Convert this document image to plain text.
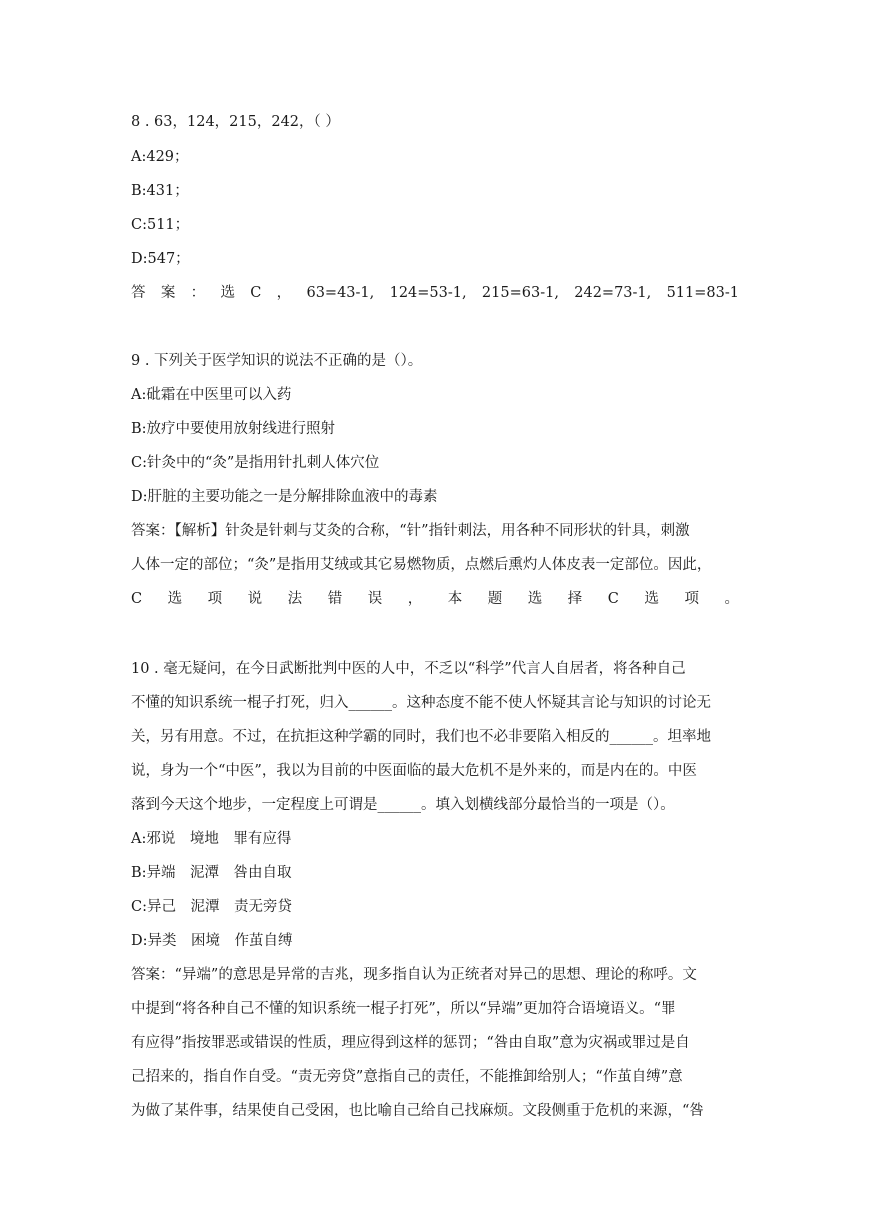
8 . 63，124，215，242，（ ）
A:429；
B:431；
C:511；
D:547；
答 案 ： 选 C ， 63=43-1, 124=53-1, 215=63-1, 242=73-1, 511=83-1
9 . 下列关于医学知识的说法不正确的是（）。
A:砒霜在中医里可以入药
B:放疗中要使用放射线进行照射
C:针灸中的“灸”是指用针扎刺人体穴位
D:肝脏的主要功能之一是分解排除血液中的毒素
答案：【解析】针灸是针刺与艾灸的合称，“针”指针刺法，用各种不同形状的针具，刺激
人体一定的部位；“灸”是指用艾绒或其它易燃物质，点燃后熏灼人体皮表一定部位。因此，
C 选 项 说 法 错 误 ， 本 题 选 择 C 选 项 。
10 . 毫无疑问，在今日武断批判中医的人中，不乏以“科学”代言人自居者，将各种自己
不懂的知识系统一棍子打死，归入______。这种态度不能不使人怀疑其言论与知识的讨论无
关，另有用意。不过，在抗拒这种学霸的同时，我们也不必非要陷入相反的______。坦率地
说，身为一个“中医”，我以为目前的中医面临的最大危机不是外来的，而是内在的。中医
落到今天这个地步，一定程度上可谓是______。填入划横线部分最恰当的一项是（）。
A:邪说　境地　罪有应得
B:异端　泥潭　咎由自取
C:异己　泥潭　责无旁贷
D:异类　困境　作茧自缚
答案：“异端”的意思是异常的吉兆，现多指自认为正统者对异己的思想、理论的称呼。文
中提到“将各种自己不懂的知识系统一棍子打死”，所以“异端”更加符合语境语义。“罪
有应得”指按罪恶或错误的性质，理应得到这样的惩罚；“咎由自取”意为灾祸或罪过是自
己招来的，指自作自受。“责无旁贷”意指自己的责任，不能推卸给别人；“作茧自缚”意
为做了某件事，结果使自己受困，也比喻自己给自己找麻烦。文段侧重于危机的来源，“咎
